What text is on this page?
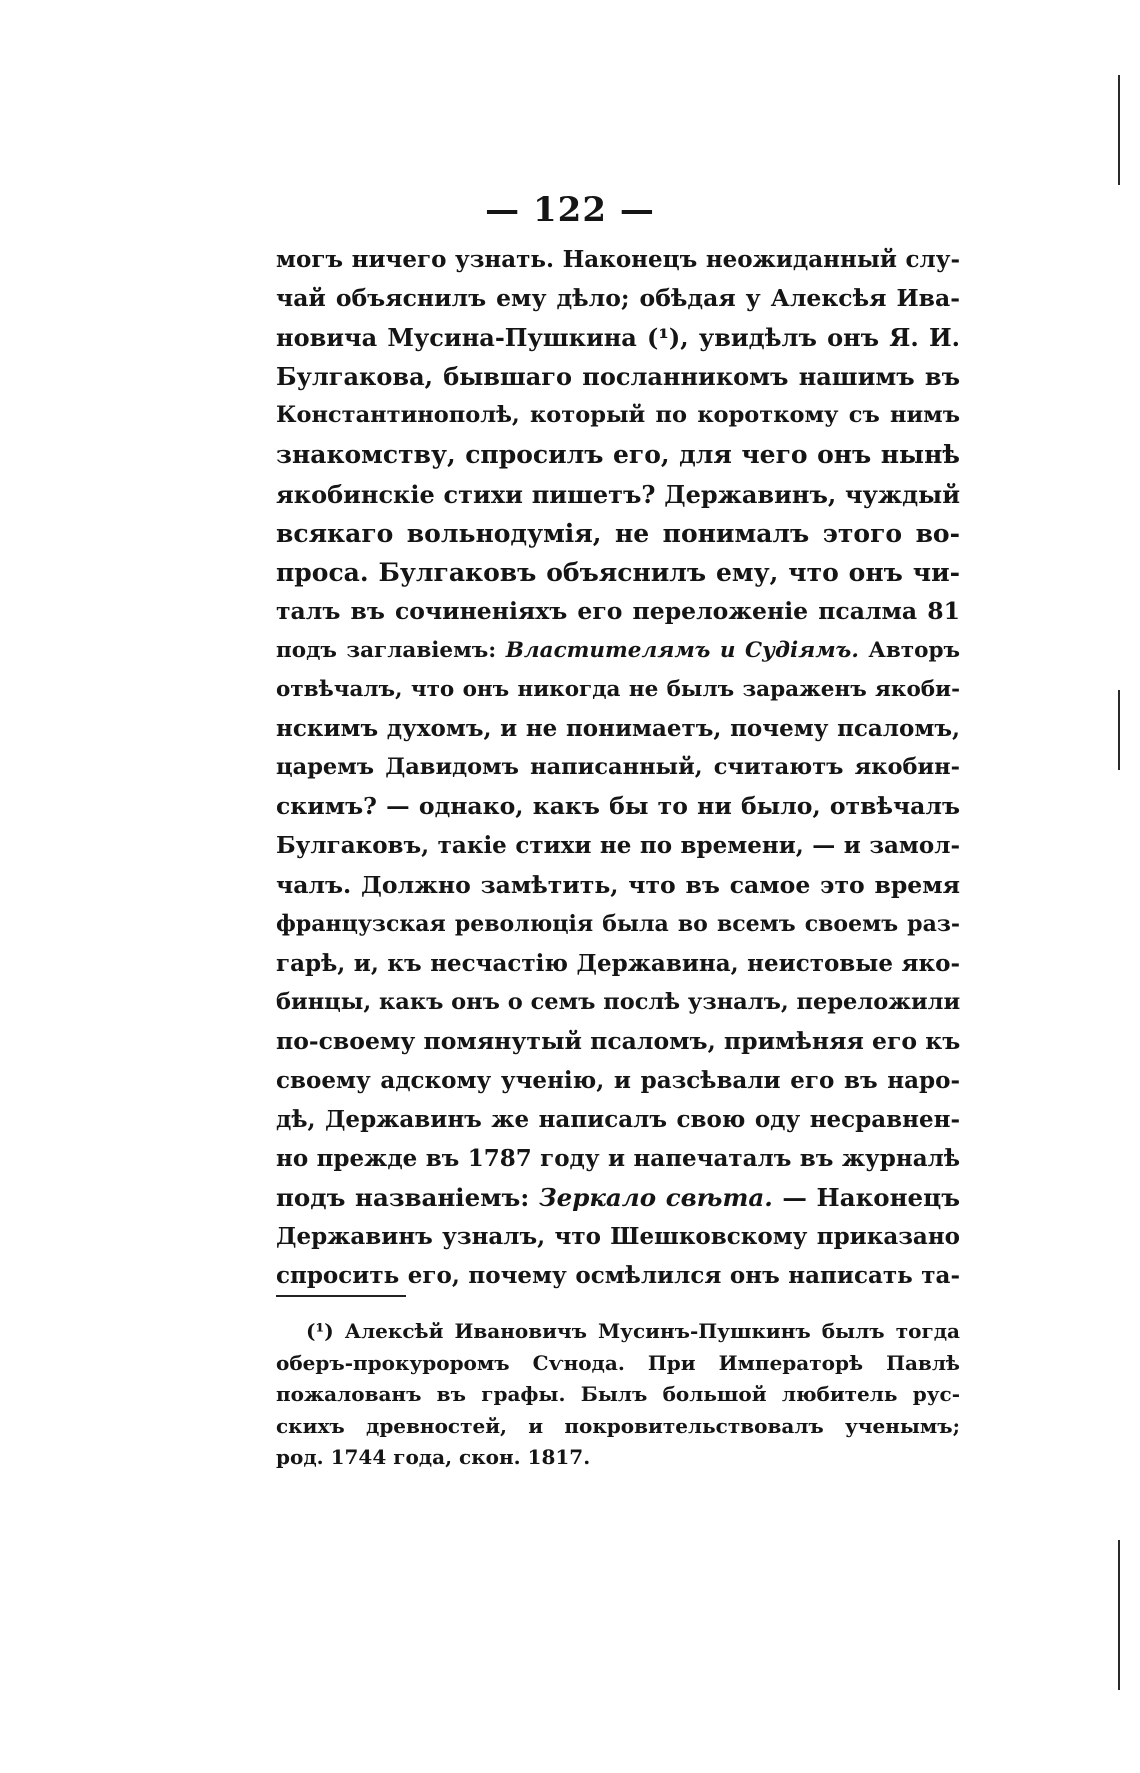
— 122 —
могъ ничего узнать. Наконецъ неожиданный слу-
чай объяснилъ ему дѣло; обѣдая у Алексѣя Ива-
новича Мусина-Пушкина (¹), увидѣлъ онъ Я. И.
Булгакова, бывшаго посланникомъ нашимъ въ
Константинополѣ, который по короткому съ нимъ
знакомству, спросилъ его, для чего онъ нынѣ
якобинскіе стихи пишетъ? Державинъ, чуждый
всякаго вольнодумія, не понималъ этого во-
проса. Булгаковъ объяснилъ ему, что онъ чи-
талъ въ сочиненіяхъ его переложеніе псалма 81
подъ заглавіемъ: Властителямъ и Судіямъ. Авторъ
отвѣчалъ, что онъ никогда не былъ зараженъ якоби-
нскимъ духомъ, и не понимаетъ, почему псаломъ,
царемъ Давидомъ написанный, считаютъ якобин-
скимъ? — однако, какъ бы то ни было, отвѣчалъ
Булгаковъ, такіе стихи не по времени, — и замол-
чалъ. Должно замѣтить, что въ самое это время
французская революція была во всемъ своемъ раз-
гарѣ, и, къ несчастію Державина, неистовые яко-
бинцы, какъ онъ о семъ послѣ узналъ, переложили
по-своему помянутый псаломъ, примѣняя его къ
своему адскому ученію, и разсѣвали его въ наро-
дѣ, Державинъ же написалъ свою оду несравнен-
но прежде въ 1787 году и напечаталъ въ журналѣ
подъ названіемъ: Зеркало свѣта. — Наконецъ
Державинъ узналъ, что Шешковскому приказано
спросить его, почему осмѣлился онъ написать та-
(¹) Алексѣй Ивановичъ Мусинъ-Пушкинъ былъ тогда
оберъ-прокуроромъ Сѵнода. При Императорѣ Павлѣ
пожалованъ въ графы. Былъ большой любитель рус-
скихъ древностей, и покровительствовалъ ученымъ;
род. 1744 года, скон. 1817.
